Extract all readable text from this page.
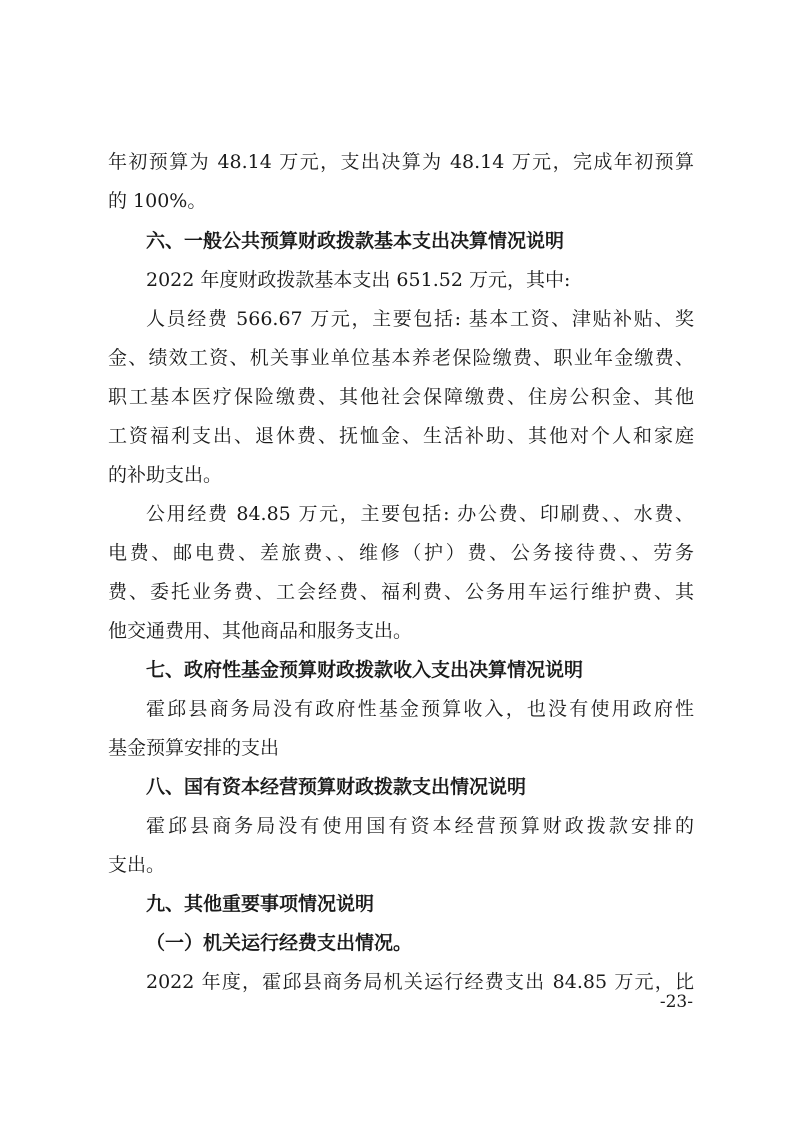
年初预算为 48.14 万元，支出决算为 48.14 万元，完成年初预算
的 100%。
六、一般公共预算财政拨款基本支出决算情况说明
2022 年度财政拨款基本支出 651.52 万元，其中:
人员经费 566.67 万元，主要包括: 基本工资、津贴补贴、奖
金、绩效工资、机关事业单位基本养老保险缴费、职业年金缴费、
职工基本医疗保险缴费、其他社会保障缴费、住房公积金、其他
工资福利支出、退休费、抚恤金、生活补助、其他对个人和家庭
的补助支出。
公用经费 84.85 万元，主要包括: 办公费、印刷费、、水费、
电费、邮电费、差旅费、、维修（护）费、公务接待费、、劳务
费、委托业务费、工会经费、福利费、公务用车运行维护费、其
他交通费用、其他商品和服务支出。
七、政府性基金预算财政拨款收入支出决算情况说明
霍邱县商务局没有政府性基金预算收入，也没有使用政府性
基金预算安排的支出
八、国有资本经营预算财政拨款支出情况说明
霍邱县商务局没有使用国有资本经营预算财政拨款安排的
支出。
九、其他重要事项情况说明
（一）机关运行经费支出情况。
2022 年度，霍邱县商务局机关运行经费支出 84.85 万元，比
-23-
